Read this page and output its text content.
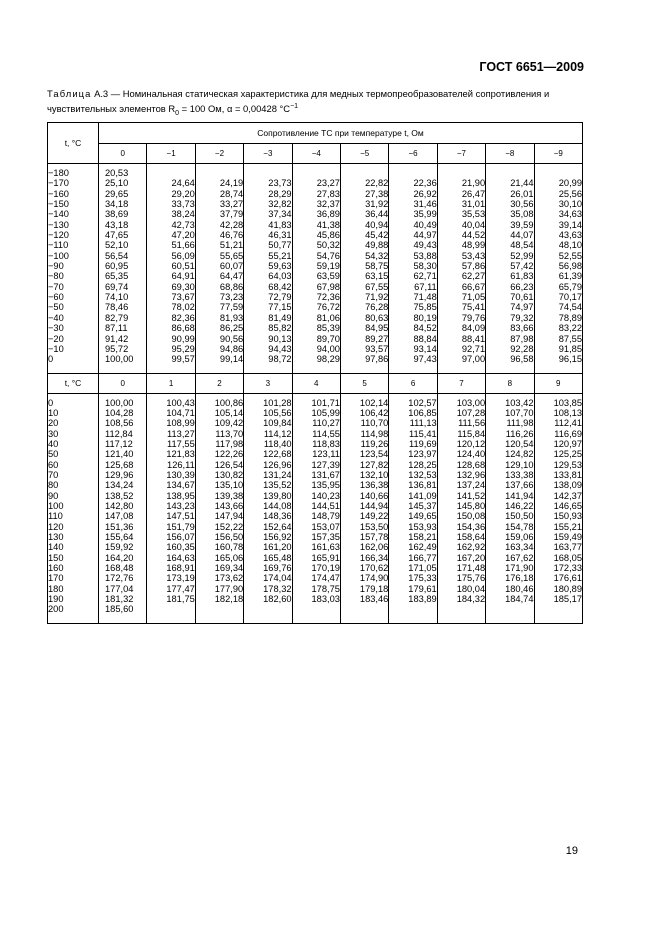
ГОСТ 6651—2009
Таблица А.3 — Номинальная статическая характеристика для медных термопреобразователей сопротивления и чувствительных элементов $R_0 = 100$ Ом, α = 0,00428 $^\circ С^{-1}$
t, °С	Сопротивление ТС при температуре t, Ом									
	0	−1	−2	−3	−4	−5	−6	−7	−8	−9
−180	20,53									
−170	25,10	24,64	24,19	23,73	23,27	22,82	22,36	21,90	21,44	20,99
−160	29,65	29,20	28,74	28,29	27,83	27,38	26,92	26,47	26,01	25,56
−150	34,18	33,73	33,27	32,82	32,37	31,92	31,46	31,01	30,56	30,10
−140	38,69	38,24	37,79	37,34	36,89	36,44	35,99	35,53	35,08	34,63
−130	43,18	42,73	42,28	41,83	41,38	40,94	40,49	40,04	39,59	39,14
−120	47,65	47,20	46,76	46,31	45,86	45,42	44,97	44,52	44,07	43,63
−110	52,10	51,66	51,21	50,77	50,32	49,88	49,43	48,99	48,54	48,10
−100	56,54	56,09	55,65	55,21	54,76	54,32	53,88	53,43	52,99	52,55
−90	60,95	60,51	60,07	59,63	59,19	58,75	58,30	57,86	57,42	56,98
−80	65,35	64,91	64,47	64,03	63,59	63,15	62,71	62,27	61,83	61,39
−70	69,74	69,30	68,86	68,42	67,98	67,55	67,11	66,67	66,23	65,79
−60	74,10	73,67	73,23	72,79	72,36	71,92	71,48	71,05	70,61	70,17
−50	78,46	78,02	77,59	77,15	76,72	76,28	75,85	75,41	74,97	74,54
−40	82,79	82,36	81,93	81,49	81,06	80,63	80,19	79,76	79,32	78,89
−30	87,11	86,68	86,25	85,82	85,39	84,95	84,52	84,09	83,66	83,22
−20	91,42	90,99	90,56	90,13	89,70	89,27	88,84	88,41	87,98	87,55
−10	95,72	95,29	94,86	94,43	94,00	93,57	93,14	92,71	92,28	91,85
0	100,00	99,57	99,14	98,72	98,29	97,86	97,43	97,00	96,58	96,15
t, °С	0	1	2	3	4	5	6	7	8	9
0	100,00	100,43	100,86	101,28	101,71	102,14	102,57	103,00	103,42	103,85
10	104,28	104,71	105,14	105,56	105,99	106,42	106,85	107,28	107,70	108,13
20	108,56	108,99	109,42	109,84	110,27	110,70	111,13	111,56	111,98	112,41
30	112,84	113,27	113,70	114,12	114,55	114,98	115,41	115,84	116,26	116,69
40	117,12	117,55	117,98	118,40	118,83	119,26	119,69	120,12	120,54	120,97
50	121,40	121,83	122,26	122,68	123,11	123,54	123,97	124,40	124,82	125,25
60	125,68	126,11	126,54	126,96	127,39	127,82	128,25	128,68	129,10	129,53
70	129,96	130,39	130,82	131,24	131,67	132,10	132,53	132,96	133,38	133,81
80	134,24	134,67	135,10	135,52	135,95	136,38	136,81	137,24	137,66	138,09
90	138,52	138,95	139,38	139,80	140,23	140,66	141,09	141,52	141,94	142,37
100	142,80	143,23	143,66	144,08	144,51	144,94	145,37	145,80	146,22	146,65
110	147,08	147,51	147,94	148,36	148,79	149,22	149,65	150,08	150,50	150,93
120	151,36	151,79	152,22	152,64	153,07	153,50	153,93	154,36	154,78	155,21
130	155,64	156,07	156,50	156,92	157,35	157,78	158,21	158,64	159,06	159,49
140	159,92	160,35	160,78	161,20	161,63	162,06	162,49	162,92	163,34	163,77
150	164,20	164,63	165,06	165,48	165,91	166,34	166,77	167,20	167,62	168,05
160	168,48	168,91	169,34	169,76	170,19	170,62	171,05	171,48	171,90	172,33
170	172,76	173,19	173,62	174,04	174,47	174,90	175,33	175,76	176,18	176,61
180	177,04	177,47	177,90	178,32	178,75	179,18	179,61	180,04	180,46	180,89
190	181,32	181,75	182,18	182,60	183,03	183,46	183,89	184,32	184,74	185,17
200	185,60									
19
